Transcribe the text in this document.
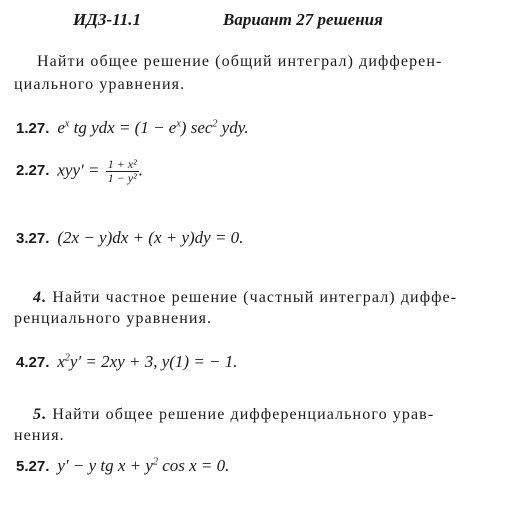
ИДЗ-11.1	Вариант 27 решения
Найти общее решение (общий интеграл) дифферен-
циального уравнения.
1.27. $e^x$ tg ydx = $(1 - e^x)$ $\sec^2$ ydy.
2.27. $xyy' = \frac{\text{1 + x²}}{\text{1 − y²}}$ .
3.27. (2x − y)dx + (x + y)dy = 0.
4. Найти частное решение (частный интеграл) диффе-
ренциального уравнения.
4.27. $x^2y' = 2xy + 3$, y(1) = − 1.
5. Найти общее решение дифференциального урав-
нения.
5.27. y′ − y tg $x + y^2$ cos x = 0.
